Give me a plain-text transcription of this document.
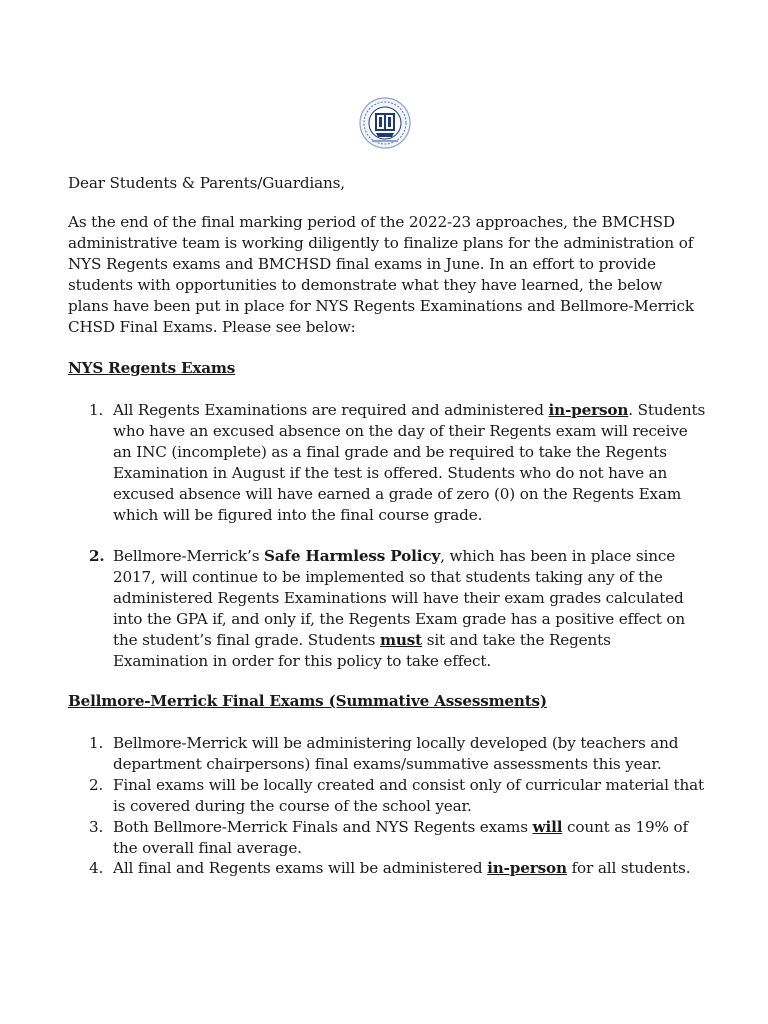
Dear Students & Parents/Guardians,
As the end of the final marking period of the 2022-23 approaches, the BMCHSD administrative team is working diligently to finalize plans for the administration of NYS Regents exams and BMCHSD final exams in June. In an effort to provide students with opportunities to demonstrate what they have learned, the below plans have been put in place for NYS Regents Examinations and Bellmore-Merrick CHSD Final Exams. Please see below:
NYS Regents Exams
1. All Regents Examinations are required and administered in-person. Students who have an excused absence on the day of their Regents exam will receive an INC (incomplete) as a final grade and be required to take the Regents Examination in August if the test is offered. Students who do not have an excused absence will have earned a grade of zero (0) on the Regents Exam which will be figured into the final course grade.
2. Bellmore-Merrick’s Safe Harmless Policy, which has been in place since 2017, will continue to be implemented so that students taking any of the administered Regents Examinations will have their exam grades calculated into the GPA if, and only if, the Regents Exam grade has a positive effect on the student’s final grade. Students must sit and take the Regents Examination in order for this policy to take effect.
Bellmore-Merrick Final Exams (Summative Assessments)
1. Bellmore-Merrick will be administering locally developed (by teachers and department chairpersons) final exams/summative assessments this year.
2. Final exams will be locally created and consist only of curricular material that is covered during the course of the school year.
3. Both Bellmore-Merrick Finals and NYS Regents exams will count as 19% of the overall final average.
4. All final and Regents exams will be administered in-person for all students.
